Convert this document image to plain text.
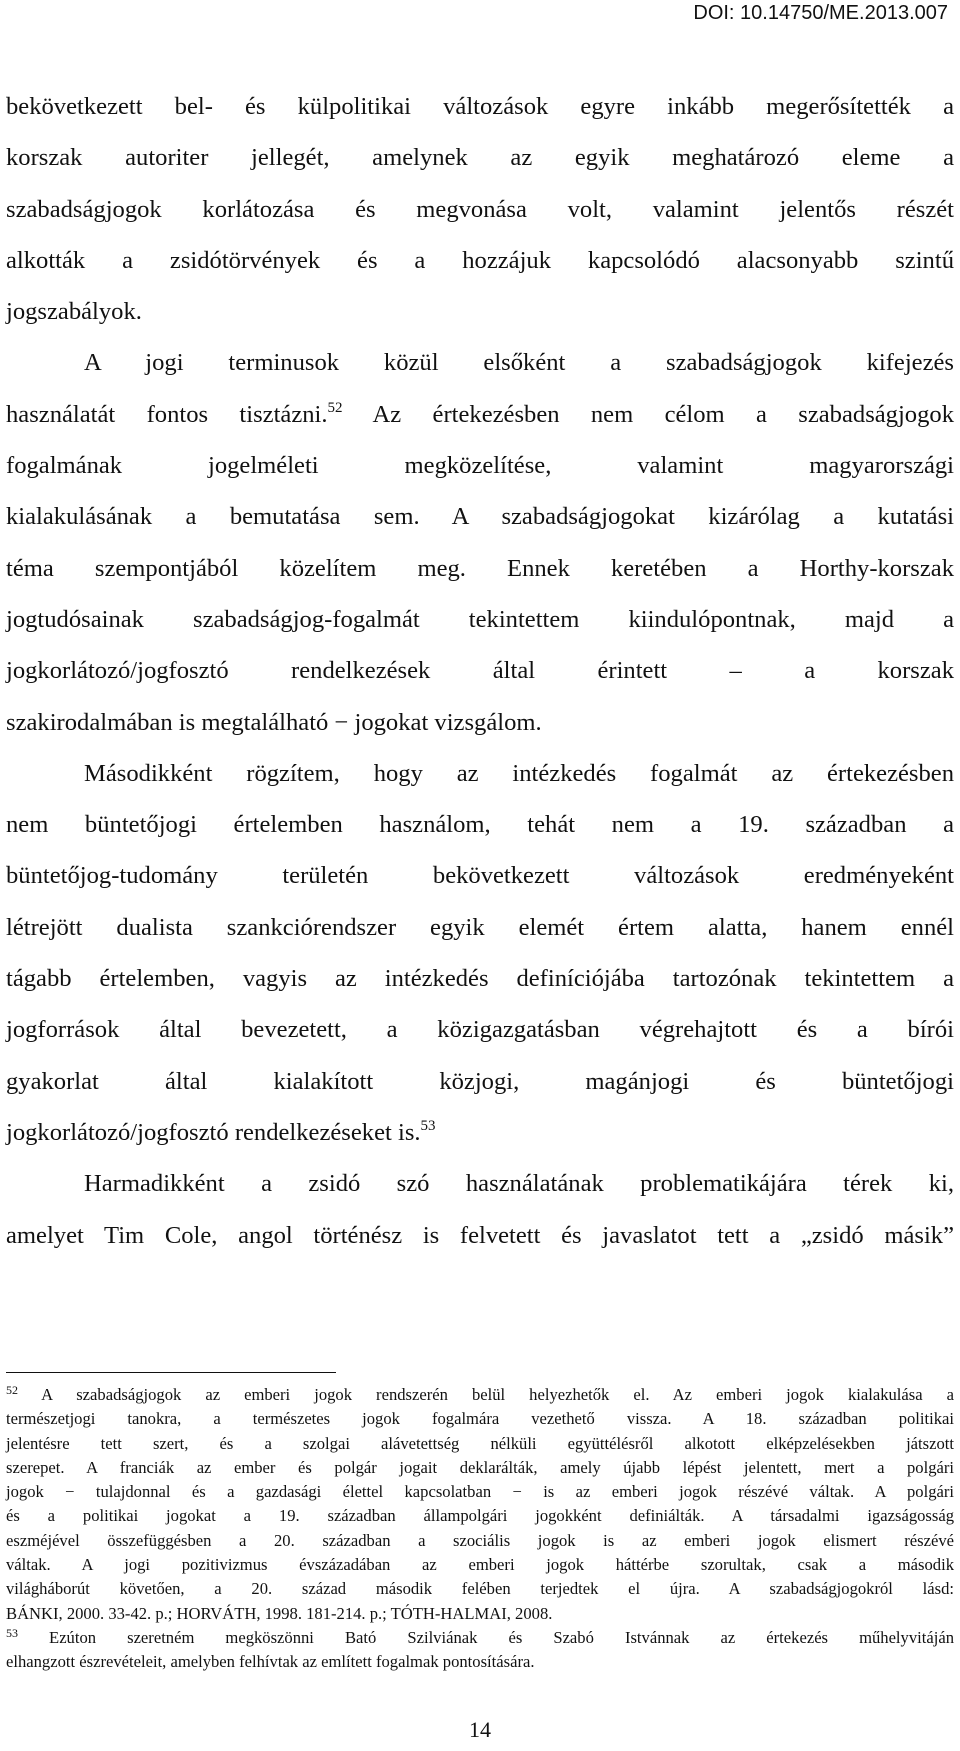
DOI: 10.14750/ME.2013.007
bekövetkezett bel- és külpolitikai változások egyre inkább megerősítették a
korszak autoriter jellegét, amelynek az egyik meghatározó eleme a
szabadságjogok korlátozása és megvonása volt, valamint jelentős részét
alkották a zsidótörvények és a hozzájuk kapcsolódó alacsonyabb szintű
jogszabályok.
A jogi terminusok közül elsőként a szabadságjogok kifejezés
használatát fontos tisztázni.$^{52}$ Az értekezésben nem célom a szabadságjogok
fogalmának jogelméleti megközelítése, valamint magyarországi
kialakulásának a bemutatása sem. A szabadságjogokat kizárólag a kutatási
téma szempontjából közelítem meg. Ennek keretében a Horthy-korszak
jogtudósainak szabadságjog-fogalmát tekintettem kiindulópontnak, majd a
jogkorlátozó/jogfosztó rendelkezések által érintett – a korszak
szakirodalmában is megtalálható − jogokat vizsgálom.
Másodikként rögzítem, hogy az intézkedés fogalmát az értekezésben
nem büntetőjogi értelemben használom, tehát nem a 19. században a
büntetőjog-tudomány területén bekövetkezett változások eredményeként
létrejött dualista szankciórendszer egyik elemét értem alatta, hanem ennél
tágabb értelemben, vagyis az intézkedés definíciójába tartozónak tekintettem a
jogforrások által bevezetett, a közigazgatásban végrehajtott és a bírói
gyakorlat által kialakított közjogi, magánjogi és büntetőjogi
jogkorlátozó/jogfosztó rendelkezéseket is.$^{53}$
Harmadikként a zsidó szó használatának problematikájára térek ki,
amelyet Tim Cole, angol történész is felvetett és javaslatot tett a „zsidó másik”
$^{52}$ A szabadságjogok az emberi jogok rendszerén belül helyezhetők el. Az emberi jogok kialakulása a
természetjogi tanokra, a természetes jogok fogalmára vezethető vissza. A 18. században politikai
jelentésre tett szert, és a szolgai alávetettség nélküli együttélésről alkotott elképzelésekben játszott
szerepet. A franciák az ember és polgár jogait deklarálták, amely újabb lépést jelentett, mert a polgári
jogok − tulajdonnal és a gazdasági élettel kapcsolatban − is az emberi jogok részévé váltak. A polgári
és a politikai jogokat a 19. században állampolgári jogokként definiálták. A társadalmi igazságosság
eszméjével összefüggésben a 20. században a szociális jogok is az emberi jogok elismert részévé
váltak. A jogi pozitivizmus évszázadában az emberi jogok háttérbe szorultak, csak a második
világháborút követően, a 20. század második felében terjedtek el újra. A szabadságjogokról lásd:
BÁNKI, 2000. 33-42. p.; HORVÁTH, 1998. 181-214. p.; TÓTH-HALMAI, 2008.
$^{53}$ Ezúton szeretném megköszönni Bató Szilviának és Szabó Istvánnak az értekezés műhelyvitáján
elhangzott észrevételeit, amelyben felhívtak az említett fogalmak pontosítására.
14
